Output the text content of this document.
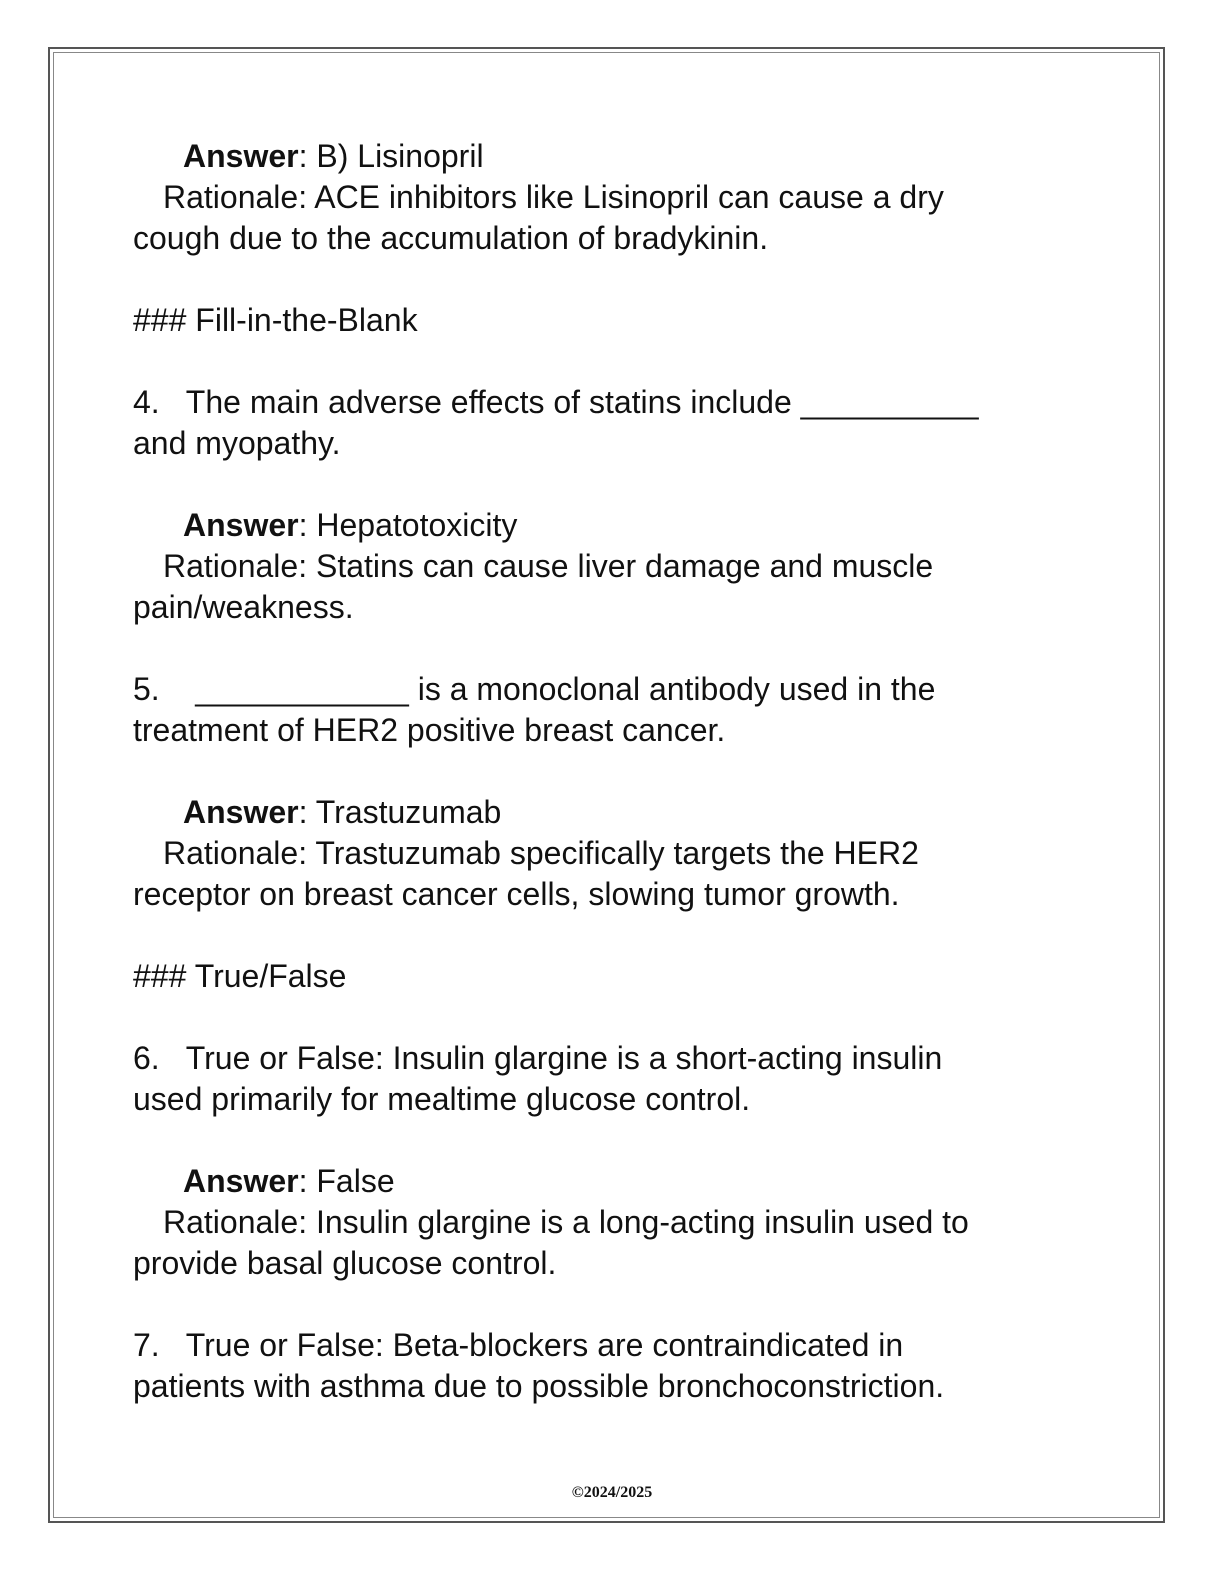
Answer: B) Lisinopril
Rationale: ACE inhibitors like Lisinopril can cause a dry
cough due to the accumulation of bradykinin.
### Fill-in-the-Blank
4.   The main adverse effects of statins include __________
and myopathy.
Answer: Hepatotoxicity
Rationale: Statins can cause liver damage and muscle
pain/weakness.
5.    ____________ is a monoclonal antibody used in the
treatment of HER2 positive breast cancer.
Answer: Trastuzumab
Rationale: Trastuzumab specifically targets the HER2
receptor on breast cancer cells, slowing tumor growth.
### True/False
6.   True or False: Insulin glargine is a short-acting insulin
used primarily for mealtime glucose control.
Answer: False
Rationale: Insulin glargine is a long-acting insulin used to
provide basal glucose control.
7.   True or False: Beta-blockers are contraindicated in
patients with asthma due to possible bronchoconstriction.
©2024/2025
